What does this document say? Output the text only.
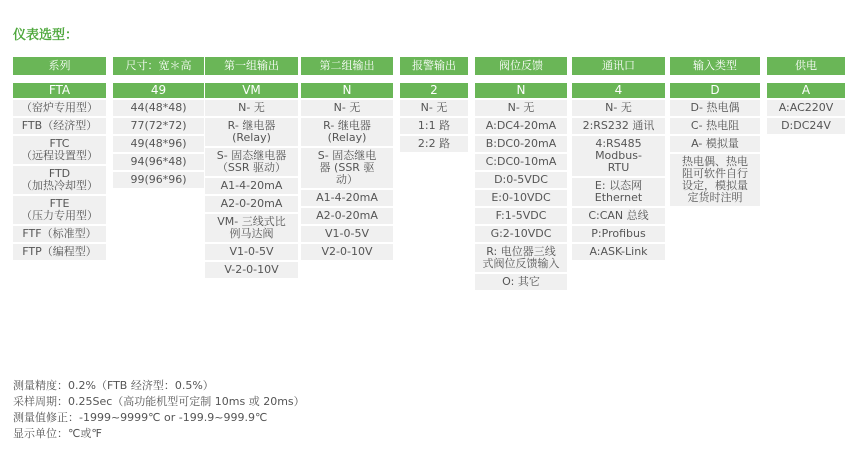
仪表选型：
系列
FTA
（窑炉专用型）
FTB（经济型）
FTC
（远程设置型）
FTD
（加热冷却型）
FTE
（压力专用型）
FTF（标准型）
FTP（编程型）
尺寸：宽＊高
49
44(48*48)
77(72*72)
49(48*96)
94(96*48)
99(96*96)
第一组输出
VM
N- 无
R- 继电器
(Relay)
S- 固态继电器
（SSR 驱动）
A1-4-20mA
A2-0-20mA
VM- 三线式比
例马达阀
V1-0-5V
V-2-0-10V
第二组输出
N
N- 无
R- 继电器
(Relay)
S- 固态继电
器 (SSR 驱
动）
A1-4-20mA
A2-0-20mA
V1-0-5V
V2-0-10V
报警输出
2
N- 无
1:1 路
2:2 路
阀位反馈
N
N- 无
A:DC4-20mA
B:DC0-20mA
C:DC0-10mA
D:0-5VDC
E:0-10VDC
F:1-5VDC
G:2-10VDC
R: 电位器三线
式阀位反馈输入
O: 其它
通讯口
4
N- 无
2:RS232 通讯
4:RS485
Modbus-
RTU
E: 以态网
Ethernet
C:CAN 总线
P:Profibus
A:ASK-Link
输入类型
D
D- 热电偶
C- 热电阻
A- 模拟量
热电偶、热电
阻可软件自行
设定，模拟量
定货时注明
供电
A
A:AC220V
D:DC24V
测量精度：0.2%（FTB 经济型：0.5%）
采样周期：0.25Sec（高功能机型可定制 10ms 或 20ms）
测量值修正：-1999~9999℃ or -199.9~999.9℃
显示单位：℃或℉
